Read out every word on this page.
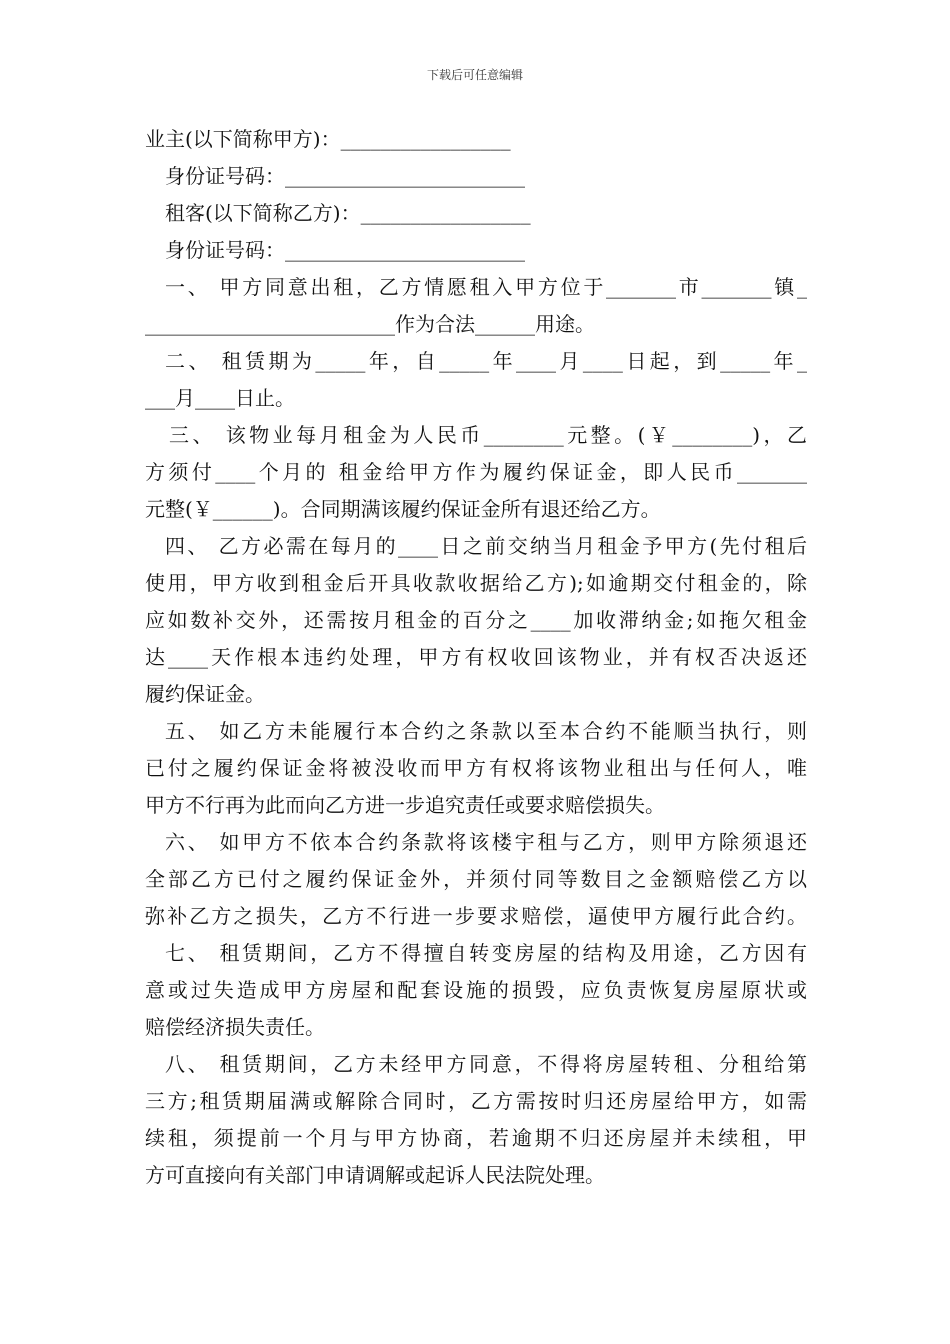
下载后可任意编辑
业主(以下简称甲方)：_________________
身份证号码：________________________
租客(以下简称乙方)：_________________
身份证号码：________________________
一、 甲方同意出租，乙方情愿租入甲方位于_______市_______镇_
_________________________作为合法______用途。
二、 租赁期为_____年，自_____年____月____日起，到_____年_
___月____日止。
三、 该物业每月租金为人民币________元整。(￥________)，乙
方须付____个月的 租金给甲方作为履约保证金，即人民币_______
元整(￥______)。合同期满该履约保证金所有退还给乙方。
四、 乙方必需在每月的____日之前交纳当月租金予甲方(先付租后
使用，甲方收到租金后开具收款收据给乙方);如逾期交付租金的，除
应如数补交外，还需按月租金的百分之____加收滞纳金;如拖欠租金
达____天作根本违约处理，甲方有权收回该物业，并有权否决返还
履约保证金。
五、 如乙方未能履行本合约之条款以至本合约不能顺当执行，则
已付之履约保证金将被没收而甲方有权将该物业租出与任何人，唯
甲方不行再为此而向乙方进一步追究责任或要求赔偿损失。
六、 如甲方不依本合约条款将该楼宇租与乙方，则甲方除须退还
全部乙方已付之履约保证金外，并须付同等数目之金额赔偿乙方以
弥补乙方之损失，乙方不行进一步要求赔偿，逼使甲方履行此合约。
七、 租赁期间，乙方不得擅自转变房屋的结构及用途，乙方因有
意或过失造成甲方房屋和配套设施的损毁，应负责恢复房屋原状或
赔偿经济损失责任。
八、 租赁期间，乙方未经甲方同意，不得将房屋转租、分租给第
三方;租赁期届满或解除合同时，乙方需按时归还房屋给甲方，如需
续租，须提前一个月与甲方协商，若逾期不归还房屋并未续租，甲
方可直接向有关部门申请调解或起诉人民法院处理。
